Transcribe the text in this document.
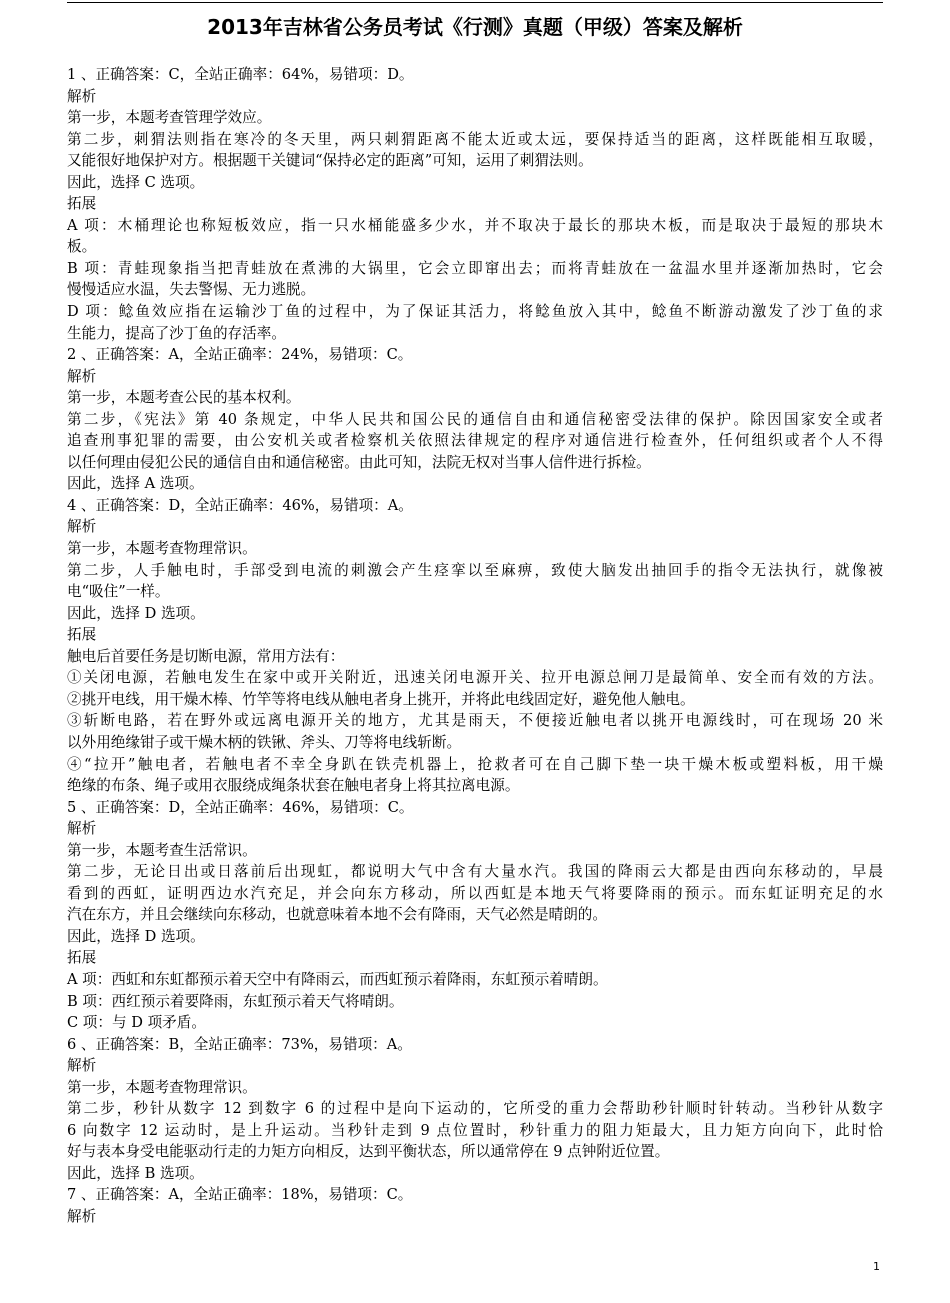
2013年吉林省公务员考试《行测》真题（甲级）答案及解析
1 、正确答案：C，全站正确率：64%，易错项：D。
解析
第一步，本题考查管理学效应。
第二步，刺猬法则指在寒冷的冬天里，两只刺猬距离不能太近或太远，要保持适当的距离，这样既能相互取暖，
又能很好地保护对方。根据题干关键词“保持必定的距离”可知，运用了刺猬法则。
因此，选择 C 选项。
拓展
A 项：木桶理论也称短板效应，指一只水桶能盛多少水，并不取决于最长的那块木板，而是取决于最短的那块木
板。
B 项：青蛙现象指当把青蛙放在煮沸的大锅里，它会立即窜出去；而将青蛙放在一盆温水里并逐渐加热时，它会
慢慢适应水温，失去警惕、无力逃脱。
D 项：鲶鱼效应指在运输沙丁鱼的过程中，为了保证其活力，将鲶鱼放入其中，鲶鱼不断游动激发了沙丁鱼的求
生能力，提高了沙丁鱼的存活率。
2 、正确答案：A，全站正确率：24%，易错项：C。
解析
第一步，本题考查公民的基本权利。
第二步，《宪法》第 40 条规定，中华人民共和国公民的通信自由和通信秘密受法律的保护。除因国家安全或者
追查刑事犯罪的需要，由公安机关或者检察机关依照法律规定的程序对通信进行检查外，任何组织或者个人不得
以任何理由侵犯公民的通信自由和通信秘密。由此可知，法院无权对当事人信件进行拆检。
因此，选择 A 选项。
4 、正确答案：D，全站正确率：46%，易错项：A。
解析
第一步，本题考查物理常识。
第二步，人手触电时，手部受到电流的刺激会产生痉挛以至麻痹，致使大脑发出抽回手的指令无法执行，就像被
电“吸住”一样。
因此，选择 D 选项。
拓展
触电后首要任务是切断电源，常用方法有：
①关闭电源，若触电发生在家中或开关附近，迅速关闭电源开关、拉开电源总闸刀是最简单、安全而有效的方法。
②挑开电线，用干燥木棒、竹竿等将电线从触电者身上挑开，并将此电线固定好，避免他人触电。
③斩断电路，若在野外或远离电源开关的地方，尤其是雨天，不便接近触电者以挑开电源线时，可在现场 20 米
以外用绝缘钳子或干燥木柄的铁锹、斧头、刀等将电线斩断。
④“拉开”触电者，若触电者不幸全身趴在铁壳机器上，抢救者可在自己脚下垫一块干燥木板或塑料板，用干燥
绝缘的布条、绳子或用衣服绕成绳条状套在触电者身上将其拉离电源。
5 、正确答案：D，全站正确率：46%，易错项：C。
解析
第一步，本题考查生活常识。
第二步，无论日出或日落前后出现虹，都说明大气中含有大量水汽。我国的降雨云大都是由西向东移动的，早晨
看到的西虹，证明西边水汽充足，并会向东方移动，所以西虹是本地天气将要降雨的预示。而东虹证明充足的水
汽在东方，并且会继续向东移动，也就意味着本地不会有降雨，天气必然是晴朗的。
因此，选择 D 选项。
拓展
A 项：西虹和东虹都预示着天空中有降雨云，而西虹预示着降雨，东虹预示着晴朗。
B 项：西红预示着要降雨，东虹预示着天气将晴朗。
C 项：与 D 项矛盾。
6 、正确答案：B，全站正确率：73%，易错项：A。
解析
第一步，本题考查物理常识。
第二步，秒针从数字 12 到数字 6 的过程中是向下运动的，它所受的重力会帮助秒针顺时针转动。当秒针从数字
6 向数字 12 运动时，是上升运动。当秒针走到 9 点位置时，秒针重力的阻力矩最大，且力矩方向向下，此时恰
好与表本身受电能驱动行走的力矩方向相反，达到平衡状态，所以通常停在 9 点钟附近位置。
因此，选择 B 选项。
7 、正确答案：A，全站正确率：18%，易错项：C。
解析
1
